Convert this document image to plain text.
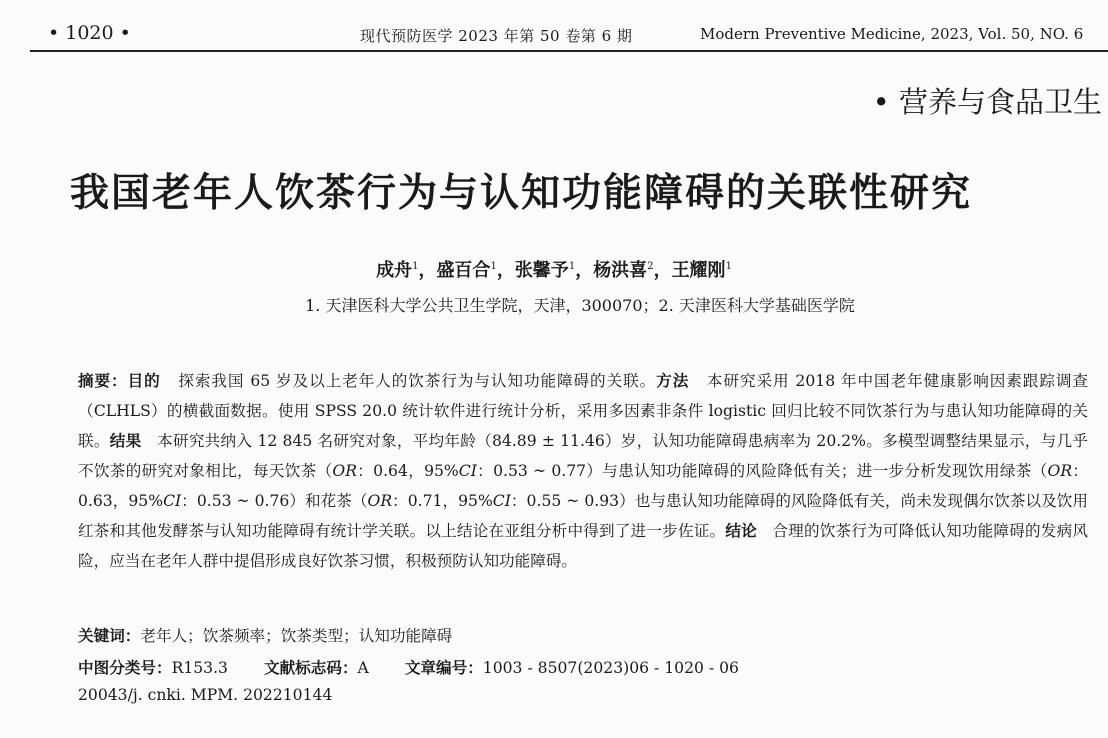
• 1020 •	现代预防医学 2023 年第 50 卷第 6 期	Modern Preventive Medicine, 2023, Vol. 50, NO. 6
• 营养与食品卫生
我国老年人饮茶行为与认知功能障碍的关联性研究
成舟$^1$，盛百合$^1$，张馨予$^1$，杨洪喜$^2$，王耀刚$^1$
1. 天津医科大学公共卫生学院，天津，300070；2. 天津医科大学基础医学院
摘要：目的 探索我国 65 岁及以上老年人的饮茶行为与认知功能障碍的关联。方法 本研究采用 2018 年中国老年健康影响因素跟踪调查（CLHLS）的横截面数据。使用 SPSS 20.0 统计软件进行统计分析，采用多因素非条件 logistic 回归比较不同饮茶行为与患认知功能障碍的关联。结果 本研究共纳入 12 845 名研究对象，平均年龄（84.89 ± 11.46）岁，认知功能障碍患病率为 20.2%。多模型调整结果显示，与几乎不饮茶的研究对象相比，每天饮茶（OR：0.64，95%CI：0.53 ~ 0.77）与患认知功能障碍的风险降低有关；进一步分析发现饮用绿茶（OR：0.63，95%CI：0.53 ~ 0.76）和花茶（OR：0.71，95%CI：0.55 ~ 0.93）也与患认知功能障碍的风险降低有关，尚未发现偶尔饮茶以及饮用红茶和其他发酵茶与认知功能障碍有统计学关联。以上结论在亚组分析中得到了进一步佐证。结论 合理的饮茶行为可降低认知功能障碍的发病风险，应当在老年人群中提倡形成良好饮茶习惯，积极预防认知功能障碍。
关键词：老年人；饮茶频率；饮茶类型；认知功能障碍
中图分类号：R153.3 文献标志码：A 文章编号：1003 - 8507(2023)06 - 1020 - 06
20043/j. cnki. MPM. 202210144
